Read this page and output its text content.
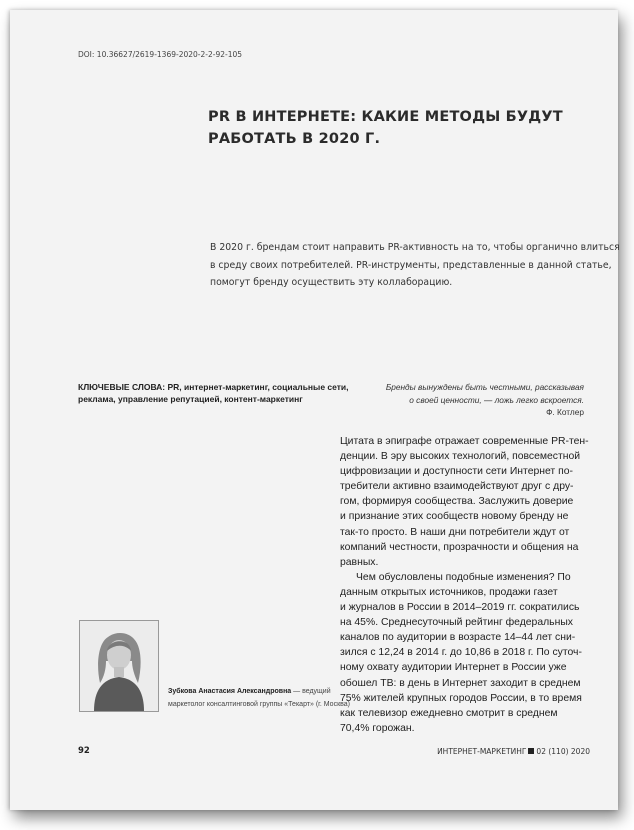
DOI: 10.36627/2619-1369-2020-2-2-92-105
PR В ИНТЕРНЕТЕ: КАКИЕ МЕТОДЫ БУДУТ
РАБОТАТЬ В 2020 Г.
В 2020 г. брендам стоит направить PR-активность на то, чтобы органично влиться
в среду своих потребителей. PR-инструменты, представленные в данной статье,
помогут бренду осуществить эту коллаборацию.
КЛЮЧЕВЫЕ СЛОВА: PR, интернет-маркетинг, социальные сети,
реклама, управление репутацией, контент-маркетинг
Бренды вынуждены быть честными, рассказывая
о своей ценности, — ложь легко вскроется.
Ф. Котлер
Цитата в эпиграфе отражает современные PR-тен-
денции. В эру высоких технологий, повсеместной
цифровизации и доступности сети Интернет по-
требители активно взаимодействуют друг с дру-
гом, формируя сообщества. Заслужить доверие
и признание этих сообществ новому бренду не
так-то просто. В наши дни потребители ждут от
компаний честности, прозрачности и общения на
равных.
Чем обусловлены подобные изменения? По
данным открытых источников, продажи газет
и журналов в России в 2014–2019 гг. сократились
на 45%. Среднесуточный рейтинг федеральных
каналов по аудитории в возрасте 14–44 лет сни-
зился с 12,24 в 2014 г. до 10,86 в 2018 г. По суточ-
ному охвату аудитории Интернет в России уже
обошел ТВ: в день в Интернет заходит в среднем
75% жителей крупных городов России, в то время
как телевизор ежедневно смотрит в среднем
70,4% горожан.
Зубкова Анастасия Александровна — ведущий
маркетолог консалтинговой группы «Текарт» (г. Москва)
92	ИНТЕРНЕТ-МАРКЕТИНГ 02 (110) 2020
